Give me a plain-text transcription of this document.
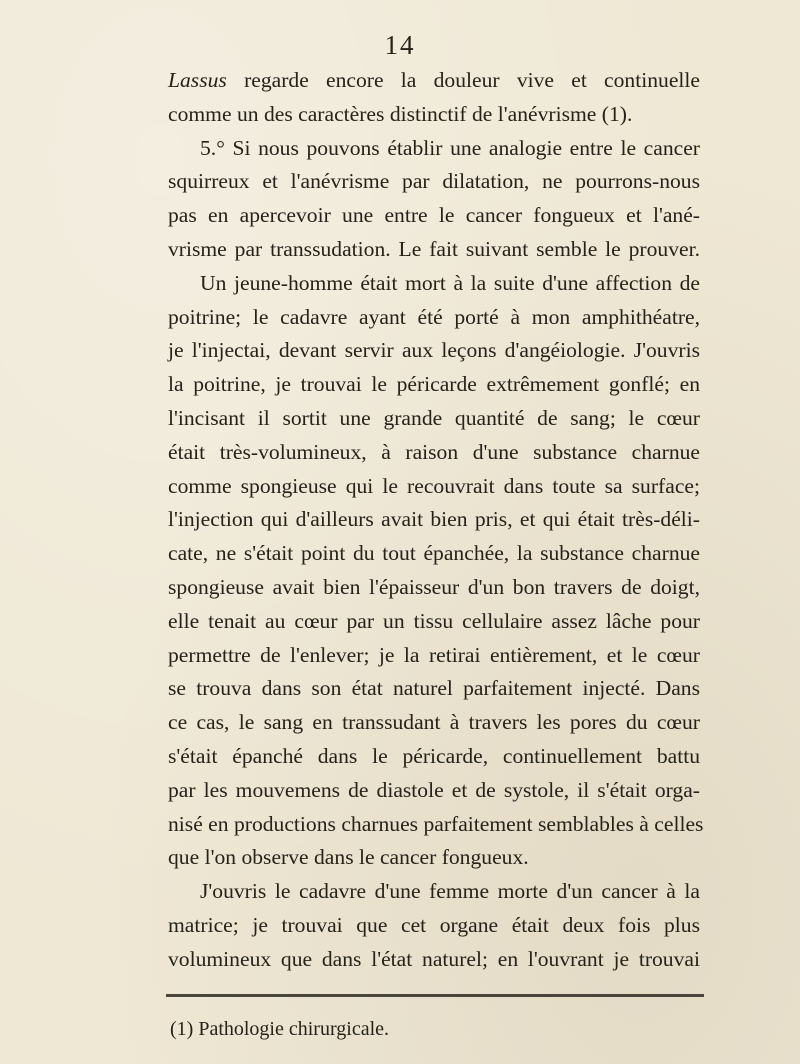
14
Lassus regarde encore la douleur vive et continuelle
comme un des caractères distinctif de l'anévrisme (1).
5.° Si nous pouvons établir une analogie entre le cancer
squirreux et l'anévrisme par dilatation, ne pourrons-nous
pas en apercevoir une entre le cancer fongueux et l'ané-
vrisme par transsudation. Le fait suivant semble le prouver.
Un jeune-homme était mort à la suite d'une affection de
poitrine; le cadavre ayant été porté à mon amphithéatre,
je l'injectai, devant servir aux leçons d'angéiologie. J'ouvris
la poitrine, je trouvai le péricarde extrêmement gonflé; en
l'incisant il sortit une grande quantité de sang; le cœur
était très-volumineux, à raison d'une substance charnue
comme spongieuse qui le recouvrait dans toute sa surface;
l'injection qui d'ailleurs avait bien pris, et qui était très-déli-
cate, ne s'était point du tout épanchée, la substance charnue
spongieuse avait bien l'épaisseur d'un bon travers de doigt,
elle tenait au cœur par un tissu cellulaire assez lâche pour
permettre de l'enlever; je la retirai entièrement, et le cœur
se trouva dans son état naturel parfaitement injecté. Dans
ce cas, le sang en transsudant à travers les pores du cœur
s'était épanché dans le péricarde, continuellement battu
par les mouvemens de diastole et de systole, il s'était orga-
nisé en productions charnues parfaitement semblables à celles
que l'on observe dans le cancer fongueux.
J'ouvris le cadavre d'une femme morte d'un cancer à la
matrice; je trouvai que cet organe était deux fois plus
volumineux que dans l'état naturel; en l'ouvrant je trouvai
(1) Pathologie chirurgicale.
